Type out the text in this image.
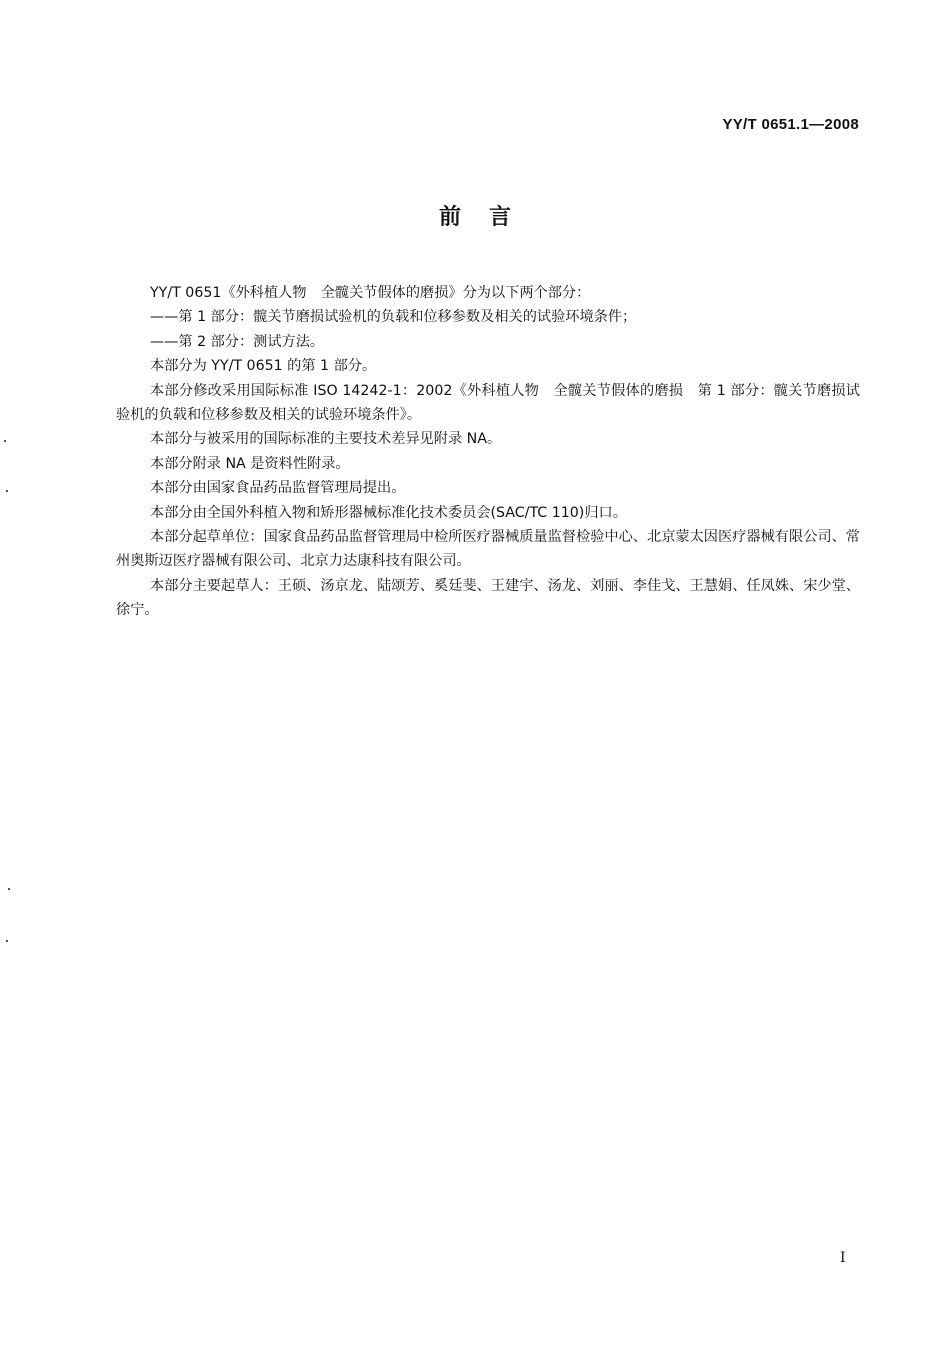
YY/T 0651.1—2008
前言

YY/T 0651《外科植人物　全髋关节假体的磨损》分为以下两个部分：

——第 1 部分：髋关节磨损试验机的负载和位移参数及相关的试验环境条件；

——第 2 部分：测试方法。

本部分为 YY/T 0651 的第 1 部分。

本部分修改采用国际标准 ISO 14242-1：2002《外科植人物　全髋关节假体的磨损　第 1 部分：髋关节磨损试验机的负载和位移参数及相关的试验环境条件》。

本部分与被采用的国际标准的主要技术差异见附录 NA。

本部分附录 NA 是资料性附录。

本部分由国家食品药品监督管理局提出。

本部分由全国外科植入物和矫形器械标准化技术委员会(SAC/TC 110)归口。

本部分起草单位：国家食品药品监督管理局中检所医疗器械质量监督检验中心、北京蒙太因医疗器械有限公司、常州奥斯迈医疗器械有限公司、北京力达康科技有限公司。

本部分主要起草人：王硕、汤京龙、陆颂芳、奚廷斐、王建宇、汤龙、刘丽、李佳戈、王慧娟、任凤姝、宋少堂、徐宁。

I
